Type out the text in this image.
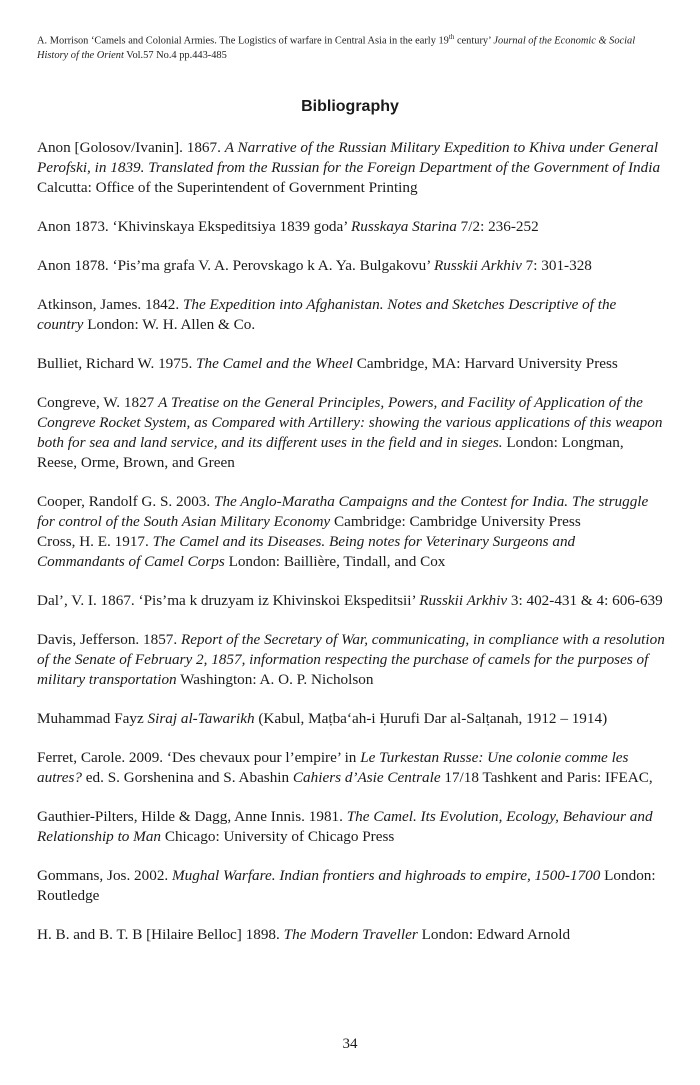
A. Morrison ‘Camels and Colonial Armies. The Logistics of warfare in Central Asia in the early 19th century’ Journal of the Economic & Social History of the Orient Vol.57 No.4 pp.443-485
Bibliography

Anon [Golosov/Ivanin]. 1867. A Narrative of the Russian Military Expedition to Khiva under General Perofski, in 1839. Translated from the Russian for the Foreign Department of the Government of India Calcutta: Office of the Superintendent of Government Printing

Anon 1873. ‘Khivinskaya Ekspeditsiya 1839 goda’ Russkaya Starina 7/2: 236-252

Anon 1878. ‘Pis’ma grafa V. A. Perovskago k A. Ya. Bulgakovu’ Russkii Arkhiv 7: 301-328

Atkinson, James. 1842. The Expedition into Afghanistan. Notes and Sketches Descriptive of the country London: W. H. Allen & Co.

Bulliet, Richard W. 1975. The Camel and the Wheel Cambridge, MA: Harvard University Press

Congreve, W. 1827 A Treatise on the General Principles, Powers, and Facility of Application of the Congreve Rocket System, as Compared with Artillery: showing the various applications of this weapon both for sea and land service, and its different uses in the field and in sieges. London: Longman, Reese, Orme, Brown, and Green

Cooper, Randolf G. S. 2003. The Anglo-Maratha Campaigns and the Contest for India. The struggle for control of the South Asian Military Economy Cambridge: Cambridge University Press

Cross, H. E. 1917. The Camel and its Diseases. Being notes for Veterinary Surgeons and Commandants of Camel Corps London: Baillière, Tindall, and Cox

Dal’, V. I. 1867. ‘Pis’ma k druzyam iz Khivinskoi Ekspeditsii’ Russkii Arkhiv 3: 402-431 & 4: 606-639

Davis, Jefferson. 1857. Report of the Secretary of War, communicating, in compliance with a resolution of the Senate of February 2, 1857, information respecting the purchase of camels for the purposes of military transportation Washington: A. O. P. Nicholson

Muhammad Fayz Siraj al-Tawarikh (Kabul, Maṭba‘ah-i Ḥurufi Dar al-Salṭanah, 1912 – 1914)

Ferret, Carole. 2009. ‘Des chevaux pour l’empire’ in Le Turkestan Russe: Une colonie comme les autres? ed. S. Gorshenina and S. Abashin Cahiers d’Asie Centrale 17/18 Tashkent and Paris: IFEAC,

Gauthier-Pilters, Hilde & Dagg, Anne Innis. 1981. The Camel. Its Evolution, Ecology, Behaviour and Relationship to Man Chicago: University of Chicago Press

Gommans, Jos. 2002. Mughal Warfare. Indian frontiers and highroads to empire, 1500-1700 London: Routledge

H. B. and B. T. B [Hilaire Belloc] 1898. The Modern Traveller London: Edward Arnold

34
